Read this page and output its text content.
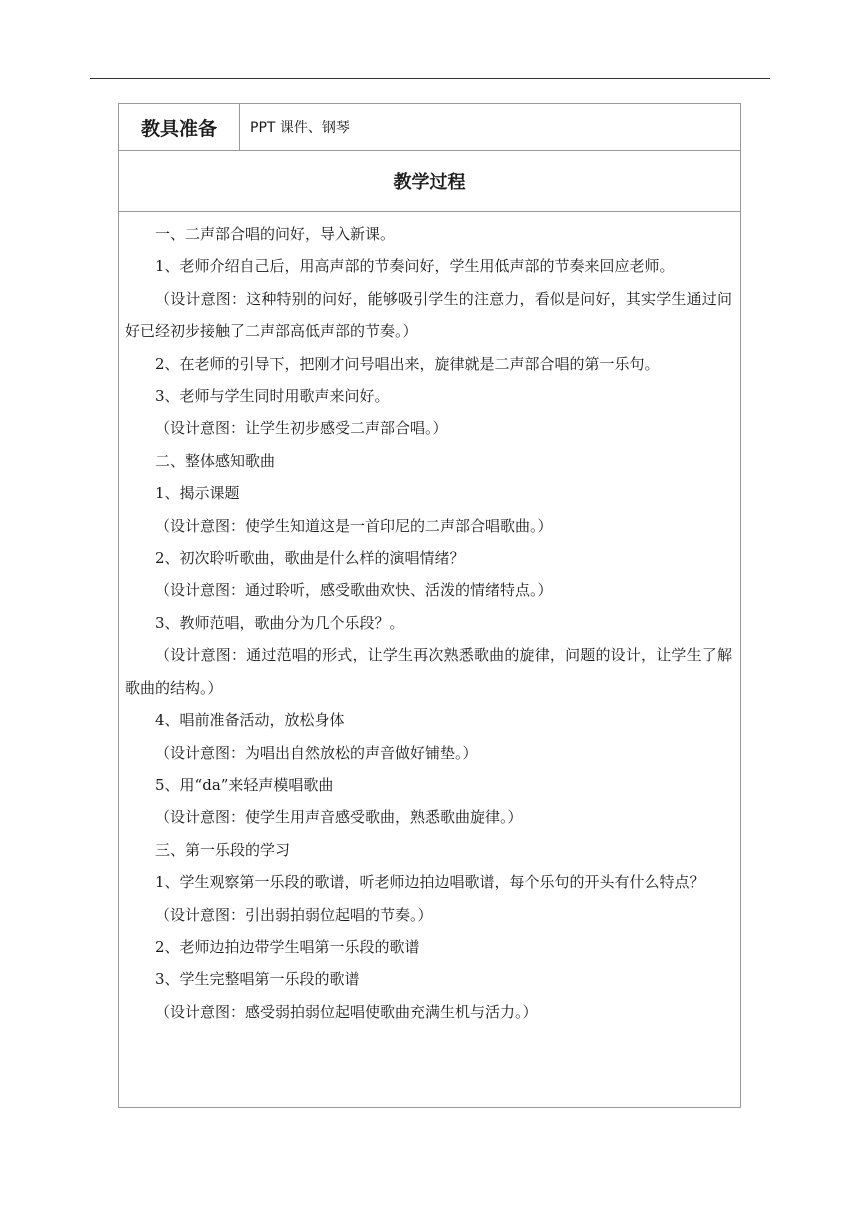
教具准备	PPT 课件、钢琴
教学过程

一、二声部合唱的问好，导入新课。

1、老师介绍自己后，用高声部的节奏问好，学生用低声部的节奏来回应老师。

（设计意图：这种特别的问好，能够吸引学生的注意力，看似是问好，其实学生通过问好已经初步接触了二声部高低声部的节奏。）

2、在老师的引导下，把刚才问号唱出来，旋律就是二声部合唱的第一乐句。

3、老师与学生同时用歌声来问好。

（设计意图：让学生初步感受二声部合唱。）

二、整体感知歌曲

1、揭示课题

（设计意图：使学生知道这是一首印尼的二声部合唱歌曲。）

2、初次聆听歌曲，歌曲是什么样的演唱情绪？

（设计意图：通过聆听，感受歌曲欢快、活泼的情绪特点。）

3、教师范唱，歌曲分为几个乐段？。

（设计意图：通过范唱的形式，让学生再次熟悉歌曲的旋律，问题的设计，让学生了解歌曲的结构。）

4、唱前准备活动，放松身体

（设计意图：为唱出自然放松的声音做好铺垫。）

5、用“da”来轻声模唱歌曲

（设计意图：使学生用声音感受歌曲，熟悉歌曲旋律。）

三、第一乐段的学习

1、学生观察第一乐段的歌谱，听老师边拍边唱歌谱，每个乐句的开头有什么特点？

（设计意图：引出弱拍弱位起唱的节奏。）

2、老师边拍边带学生唱第一乐段的歌谱

3、学生完整唱第一乐段的歌谱

（设计意图：感受弱拍弱位起唱使歌曲充满生机与活力。）
